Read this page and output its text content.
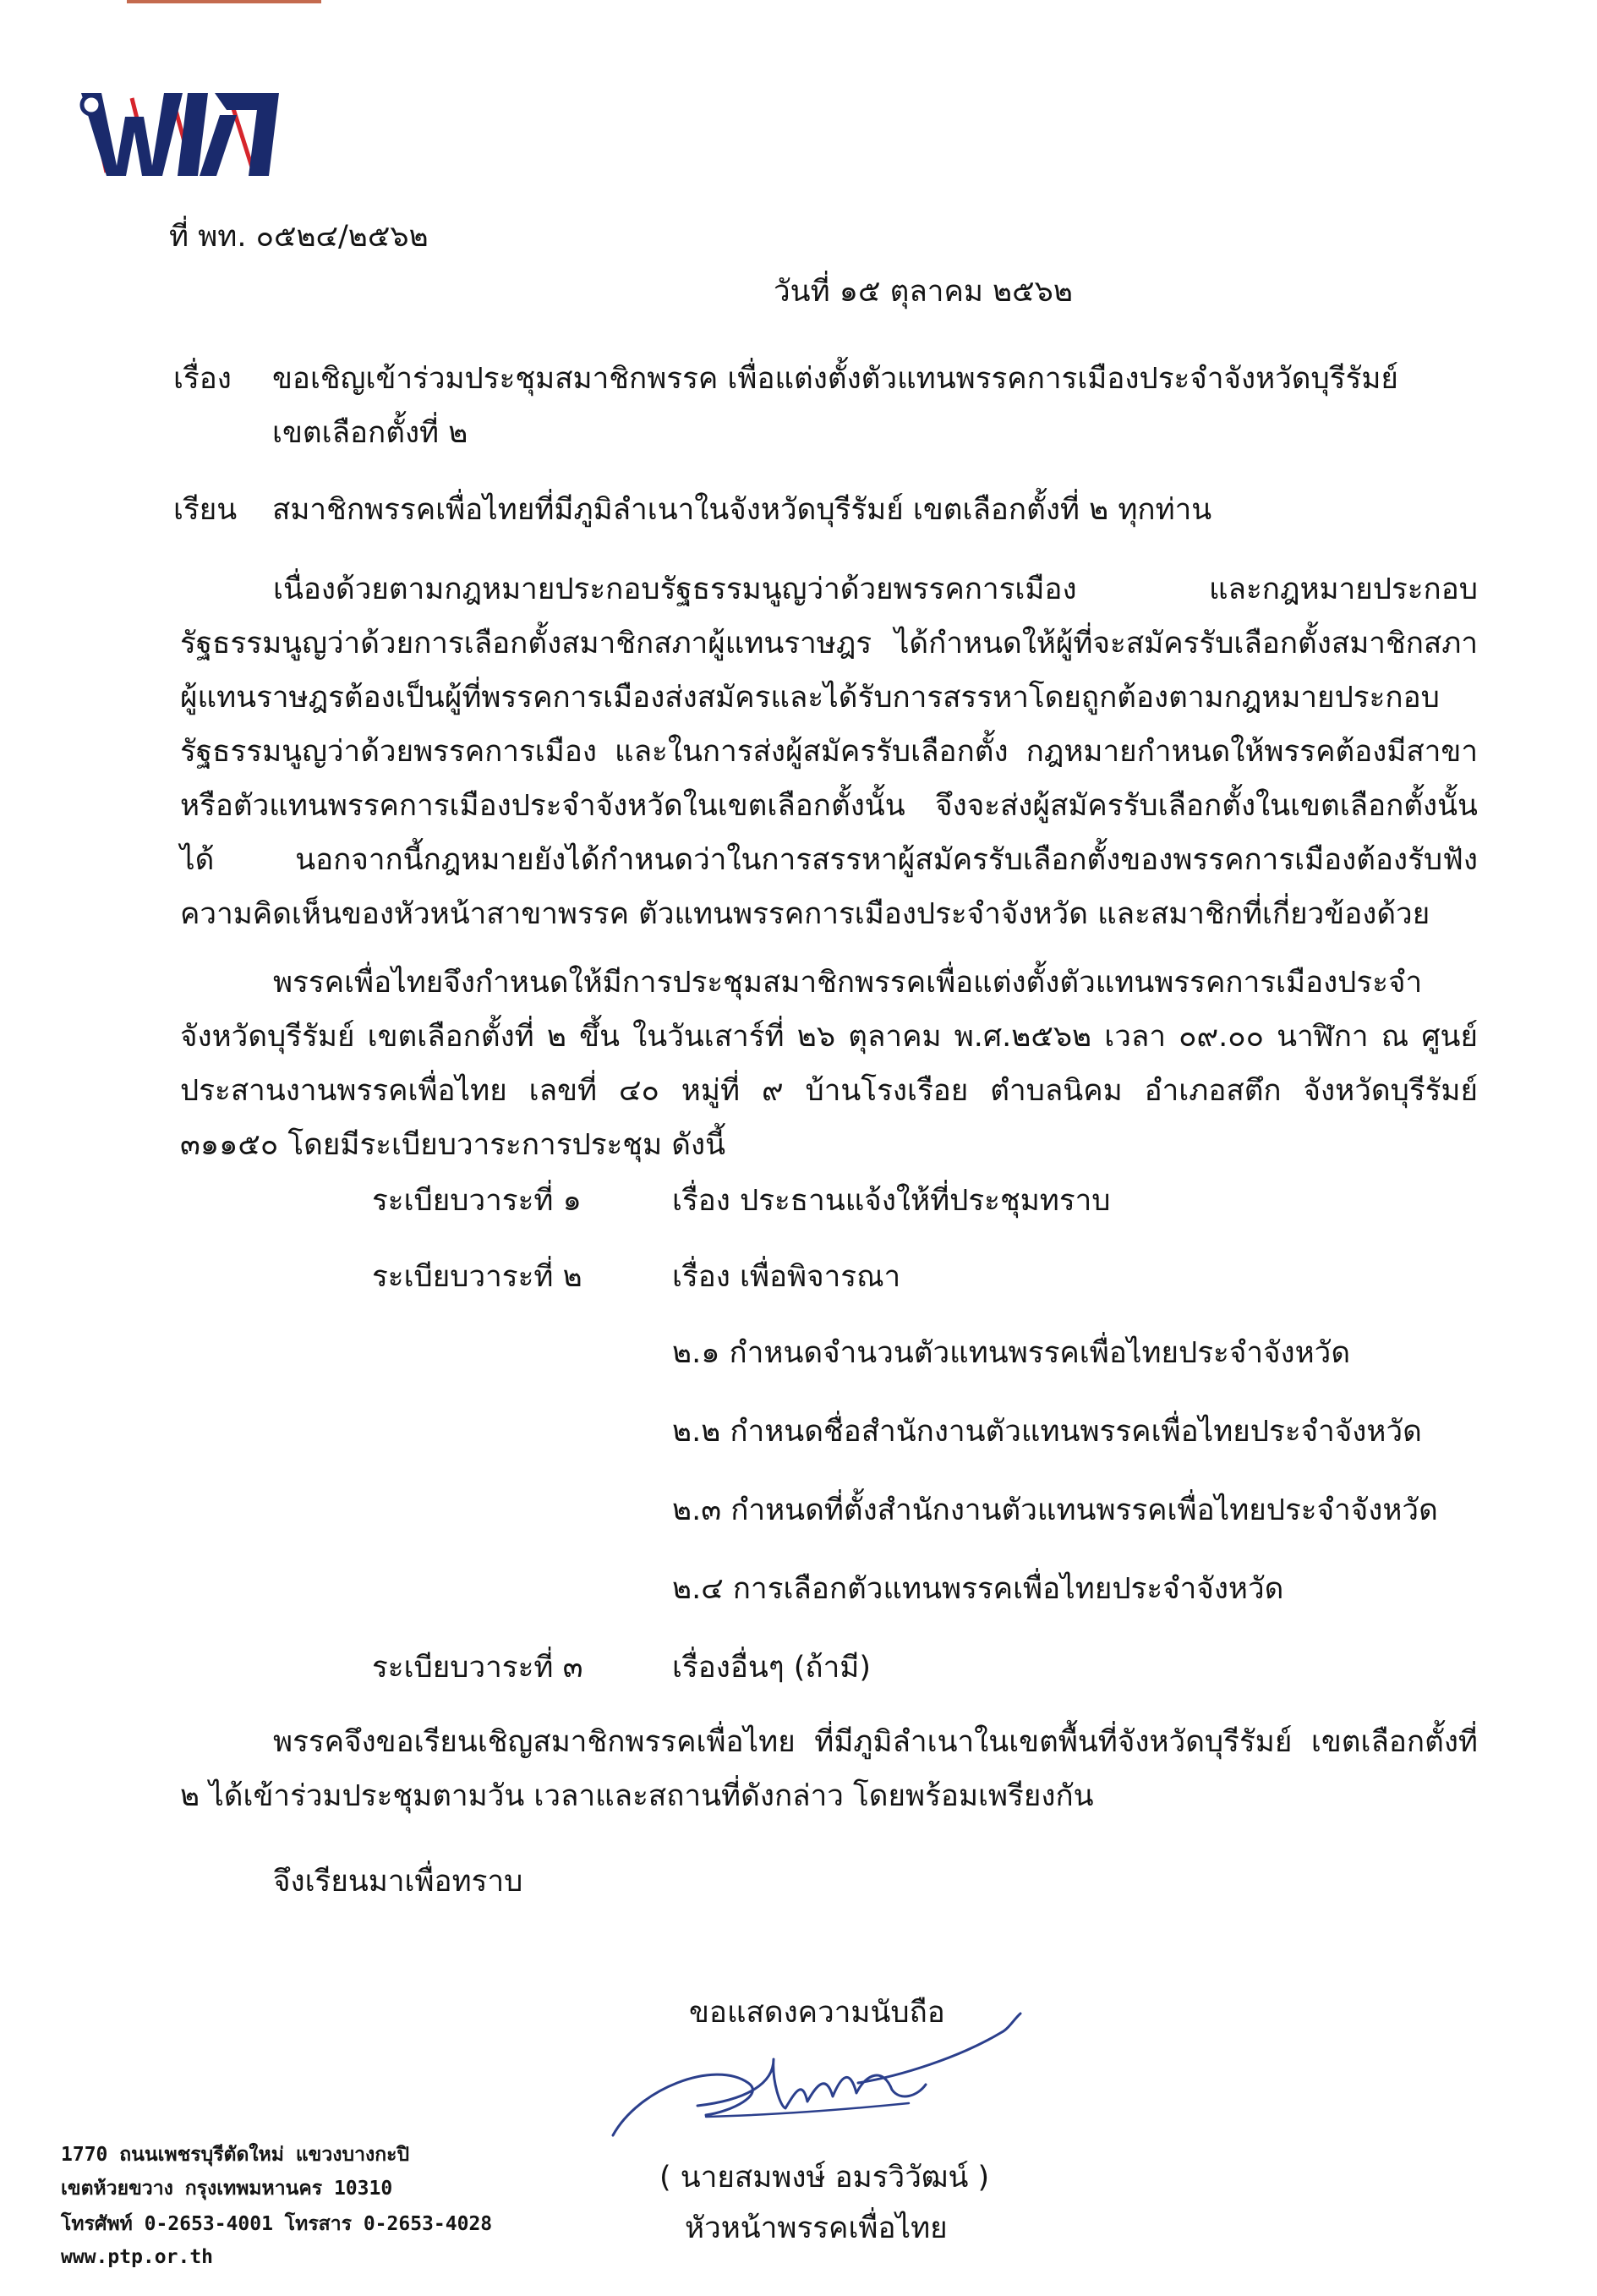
ที่ พท. ๐๕๒๔/๒๕๖๒
วันที่ ๑๕ ตุลาคม ๒๕๖๒
เรื่อง ขอเชิญเข้าร่วมประชุมสมาชิกพรรค เพื่อแต่งตั้งตัวแทนพรรคการเมืองประจำจังหวัดบุรีรัมย์
เขตเลือกตั้งที่ ๒
เรียน สมาชิกพรรคเพื่อไทยที่มีภูมิลำเนาในจังหวัดบุรีรัมย์ เขตเลือกตั้งที่ ๒ ทุกท่าน
เนื่องด้วยตามกฎหมายประกอบรัฐธรรมนูญว่าด้วยพรรคการเมือง และกฎหมายประกอบรัฐธรรมนูญว่าด้วยการเลือกตั้งสมาชิกสภาผู้แทนราษฎร ได้กำหนดให้ผู้ที่จะสมัครรับเลือกตั้งสมาชิกสภาผู้แทนราษฎรต้องเป็นผู้ที่พรรคการเมืองส่งสมัครและได้รับการสรรหาโดยถูกต้องตามกฎหมายประกอบรัฐธรรมนูญว่าด้วยพรรคการเมือง และในการส่งผู้สมัครรับเลือกตั้ง กฎหมายกำหนดให้พรรคต้องมีสาขาหรือตัวแทนพรรคการเมืองประจำจังหวัดในเขตเลือกตั้งนั้น จึงจะส่งผู้สมัครรับเลือกตั้งในเขตเลือกตั้งนั้นได้ นอกจากนี้กฎหมายยังได้กำหนดว่าในการสรรหาผู้สมัครรับเลือกตั้งของพรรคการเมืองต้องรับฟังความคิดเห็นของหัวหน้าสาขาพรรค ตัวแทนพรรคการเมืองประจำจังหวัด และสมาชิกที่เกี่ยวข้องด้วย
พรรคเพื่อไทยจึงกำหนดให้มีการประชุมสมาชิกพรรคเพื่อแต่งตั้งตัวแทนพรรคการเมืองประจำจังหวัดบุรีรัมย์ เขตเลือกตั้งที่ ๒ ขึ้น ในวันเสาร์ที่ ๒๖ ตุลาคม พ.ศ.๒๕๖๒ เวลา ๐๙.๐๐ นาฬิกา ณ ศูนย์ประสานงานพรรคเพื่อไทย เลขที่ ๔๐ หมู่ที่ ๙ บ้านโรงเรือย ตำบลนิคม อำเภอสตึก จังหวัดบุรีรัมย์ ๓๑๑๕๐ โดยมีระเบียบวาระการประชุม ดังนี้
ระเบียบวาระที่ ๑	เรื่อง ประธานแจ้งให้ที่ประชุมทราบ
ระเบียบวาระที่ ๒	เรื่อง เพื่อพิจารณา
๒.๑ กำหนดจำนวนตัวแทนพรรคเพื่อไทยประจำจังหวัด
๒.๒ กำหนดชื่อสำนักงานตัวแทนพรรคเพื่อไทยประจำจังหวัด
๒.๓ กำหนดที่ตั้งสำนักงานตัวแทนพรรคเพื่อไทยประจำจังหวัด
๒.๔ การเลือกตัวแทนพรรคเพื่อไทยประจำจังหวัด
ระเบียบวาระที่ ๓	เรื่องอื่นๆ (ถ้ามี)
พรรคจึงขอเรียนเชิญสมาชิกพรรคเพื่อไทย ที่มีภูมิลำเนาในเขตพื้นที่จังหวัดบุรีรัมย์ เขตเลือกตั้งที่ ๒ ได้เข้าร่วมประชุมตามวัน เวลาและสถานที่ดังกล่าว โดยพร้อมเพรียงกัน
จึงเรียนมาเพื่อทราบ
ขอแสดงความนับถือ
( นายสมพงษ์ อมรวิวัฒน์ )
หัวหน้าพรรคเพื่อไทย
1770 ถนนเพชรบุรีตัดใหม่ แขวงบางกะปิ
เขตห้วยขวาง กรุงเทพมหานคร 10310
โทรศัพท์ 0-2653-4001 โทรสาร 0-2653-4028
www.ptp.or.th
